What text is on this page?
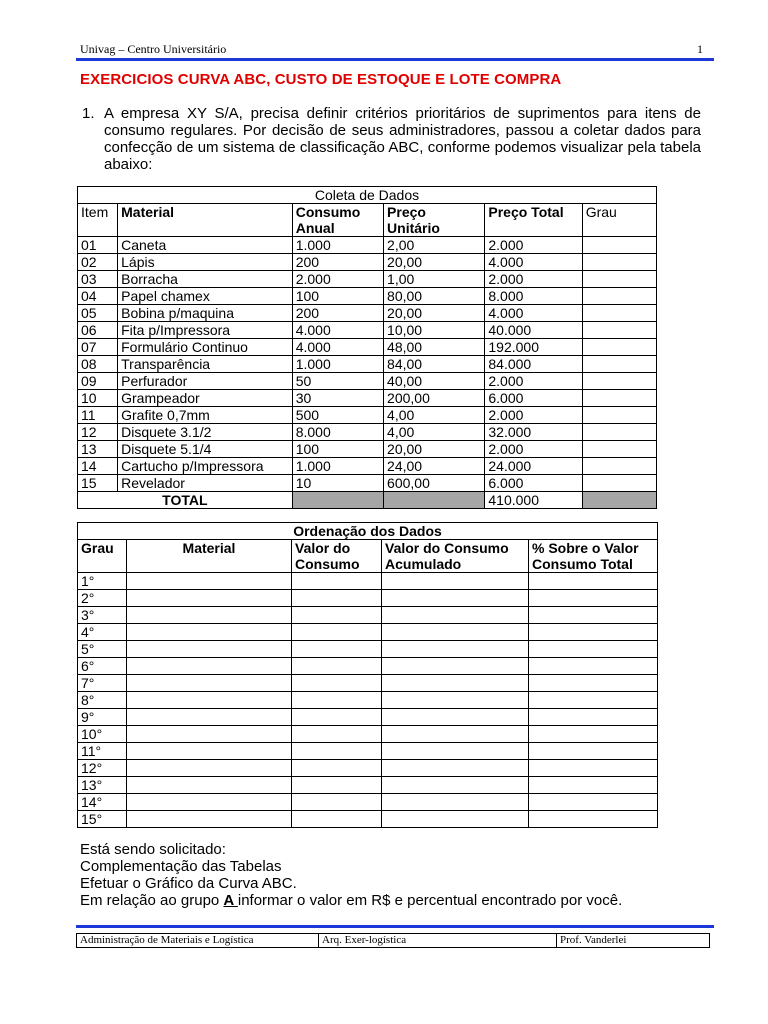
Univag – Centro Universitário	1
EXERCICIOS CURVA ABC, CUSTO DE ESTOQUE E LOTE COMPRA
1. A empresa XY S/A, precisa definir critérios prioritários de suprimentos para itens de consumo regulares. Por decisão de seus administradores, passou a coletar dados para confecção de um sistema de classificação ABC, conforme podemos visualizar pela tabela abaixo:
Coleta de Dados					
Item	Material	Consumo Anual	Preço Unitário	Preço Total	Grau
01	Caneta	1.000	2,00	2.000	
02	Lápis	200	20,00	4.000	
03	Borracha	2.000	1,00	2.000	
04	Papel chamex	100	80,00	8.000	
05	Bobina p/maquina	200	20,00	4.000	
06	Fita p/Impressora	4.000	10,00	40.000	
07	Formulário Continuo	4.000	48,00	192.000	
08	Transparência	1.000	84,00	84.000	
09	Perfurador	50	40,00	2.000	
10	Grampeador	30	200,00	6.000	
11	Grafite 0,7mm	500	4,00	2.000	
12	Disquete 3.1/2	8.000	4,00	32.000	
13	Disquete 5.1/4	100	20,00	2.000	
14	Cartucho p/Impressora	1.000	24,00	24.000	
15	Revelador	10	600,00	6.000	
TOTAL				410.000	
Ordenação dos Dados				
Grau	Material	Valor do Consumo	Valor do Consumo Acumulado	% Sobre o Valor Consumo Total
1°				
2°				
3°				
4°				
5°				
6°				
7°				
8°				
9°				
10°				
11°				
12°				
13°				
14°				
15°				
Está sendo solicitado:
Complementação das Tabelas
Efetuar o Gráfico da Curva ABC.
Em relação ao grupo A informar o valor em R$ e percentual encontrado por você.
Administração de Materiais e Logística	Arq. Exer-logística	Prof. Vanderlei
